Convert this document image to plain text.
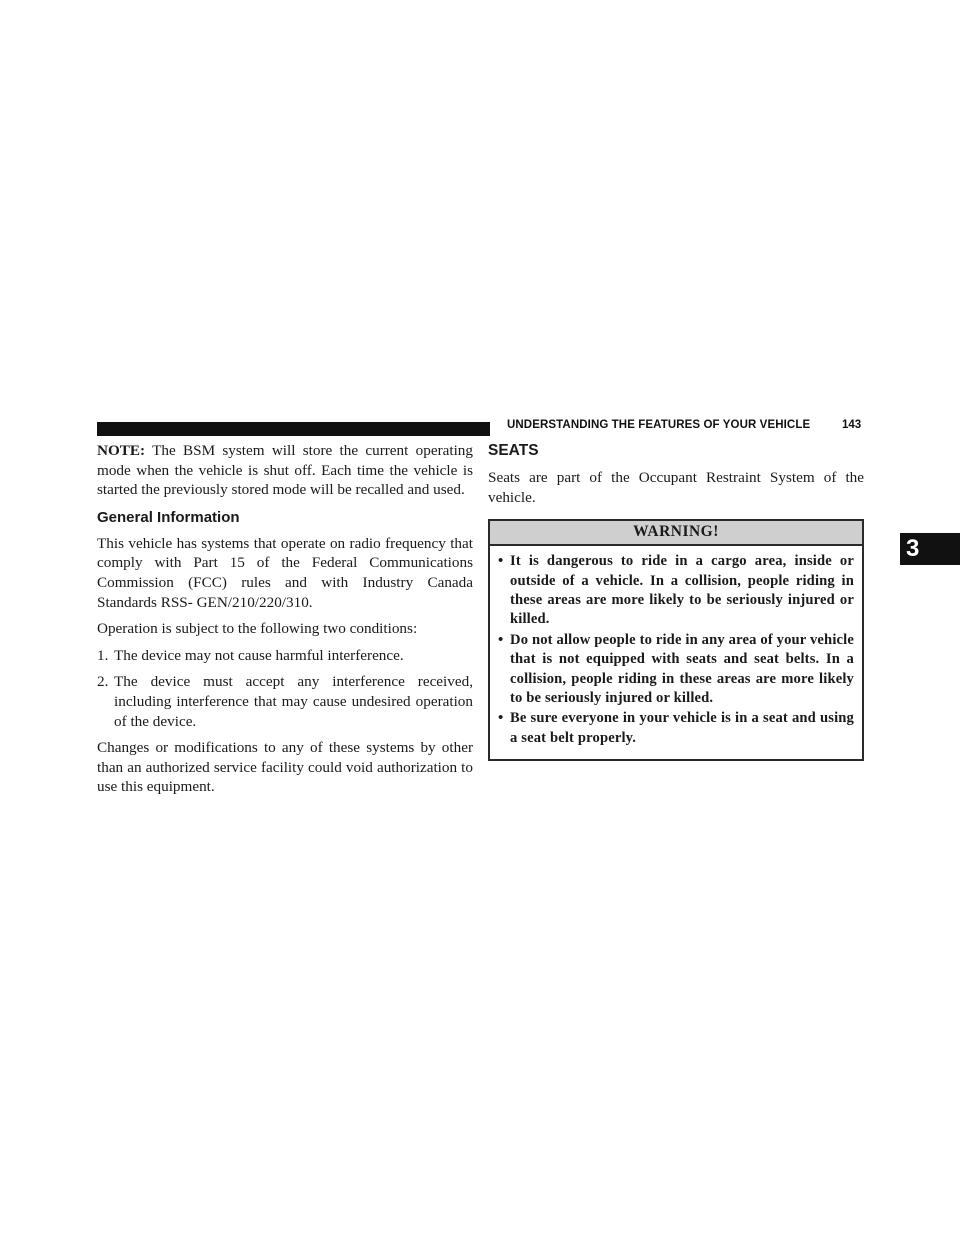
UNDERSTANDING THE FEATURES OF YOUR VEHICLE	143
3

NOTE: The BSM system will store the current operating mode when the vehicle is shut off. Each time the vehicle is started the previously stored mode will be recalled and used.

General Information

This vehicle has systems that operate on radio frequency that comply with Part 15 of the Federal Communications Commission (FCC) rules and with Industry Canada Standards RSS- GEN/210/220/310.

Operation is subject to the following two conditions:

1. The device may not cause harmful interference.
2. The device must accept any interference received, including interference that may cause undesired operation of the device.

Changes or modifications to any of these systems by other than an authorized service facility could void authorization to use this equipment.

SEATS

Seats are part of the Occupant Restraint System of the vehicle.

WARNING!
• It is dangerous to ride in a cargo area, inside or outside of a vehicle. In a collision, people riding in these areas are more likely to be seriously injured or killed.
• Do not allow people to ride in any area of your vehicle that is not equipped with seats and seat belts. In a collision, people riding in these areas are more likely to be seriously injured or killed.
• Be sure everyone in your vehicle is in a seat and using a seat belt properly.
